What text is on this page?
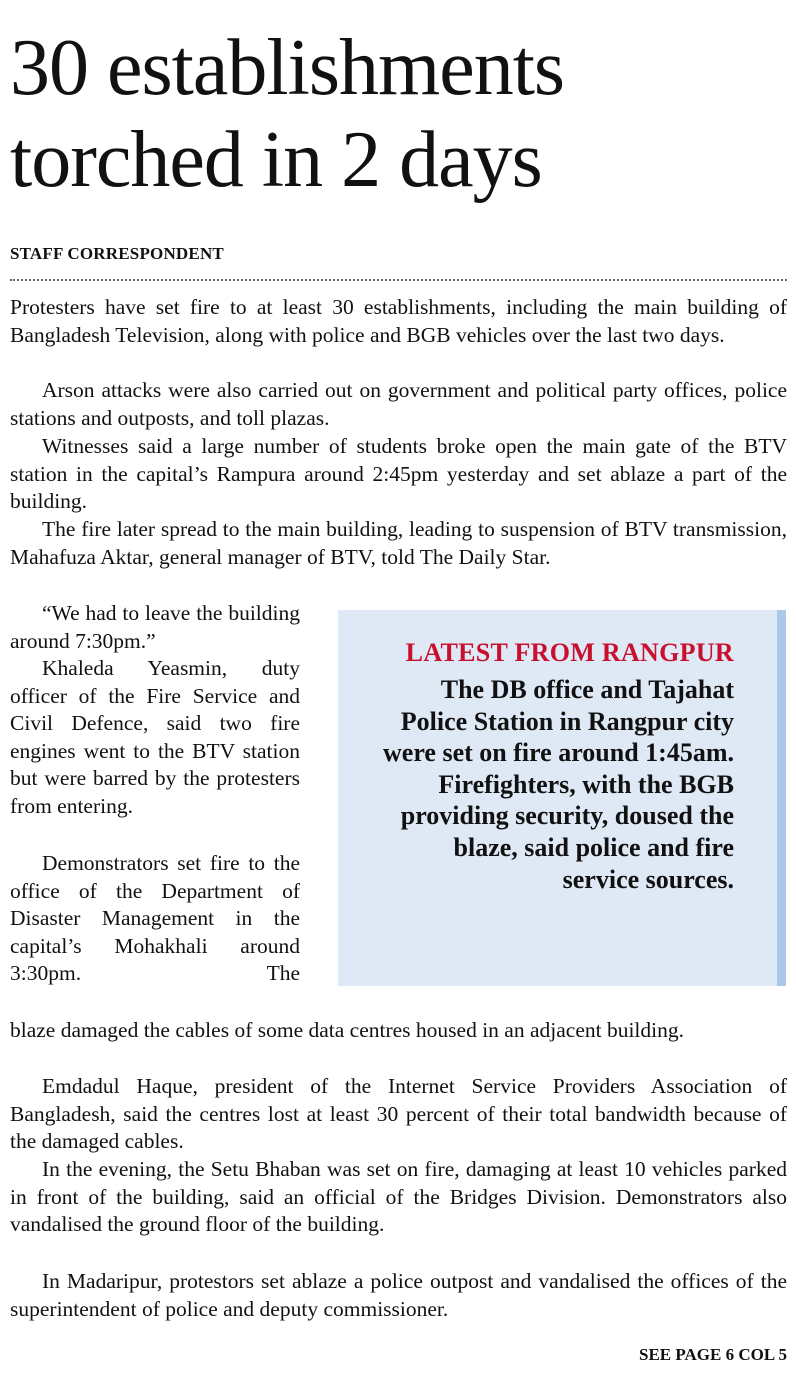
30 establishments
torched in 2 days
STAFF CORRESPONDENT

Protesters have set fire to at least 30 establishments, including the main building of Bangladesh Television, along with police and BGB vehicles over the last two days.

Arson attacks were also carried out on government and political party offices, police stations and outposts, and toll plazas.

Witnesses said a large number of students broke open the main gate of the BTV station in the capital’s Rampura around 2:45pm yesterday and set ablaze a part of the building.

The fire later spread to the main building, leading to suspension of BTV transmission, Mahafuza Aktar, general manager of BTV, told The Daily Star.

“We had to leave the building around 7:30pm.”

Khaleda Yeasmin, duty officer of the Fire Service and Civil Defence, said two fire engines went to the BTV station but were barred by the protesters from entering.

Demonstrators set fire to the office of the Department of Disaster Management in the capital’s Mohakhali around 3:30pm. The

blaze damaged the cables of some data centres housed in an adjacent building.

Emdadul Haque, president of the Internet Service Providers Association of Bangladesh, said the centres lost at least 30 percent of their total bandwidth because of the damaged cables.

In the evening, the Setu Bhaban was set on fire, damaging at least 10 vehicles parked in front of the building, said an official of the Bridges Division. Demonstrators also vandalised the ground floor of the building.

In Madaripur, protestors set ablaze a police outpost and vandalised the offices of the superintendent of police and deputy commissioner.

LATEST FROM RANGPUR

The DB office and Tajahat Police Station in Rangpur city were set on fire around 1:45am. Firefighters, with the BGB providing security, doused the blaze, said police and fire service sources.

SEE PAGE 6 COL 5
